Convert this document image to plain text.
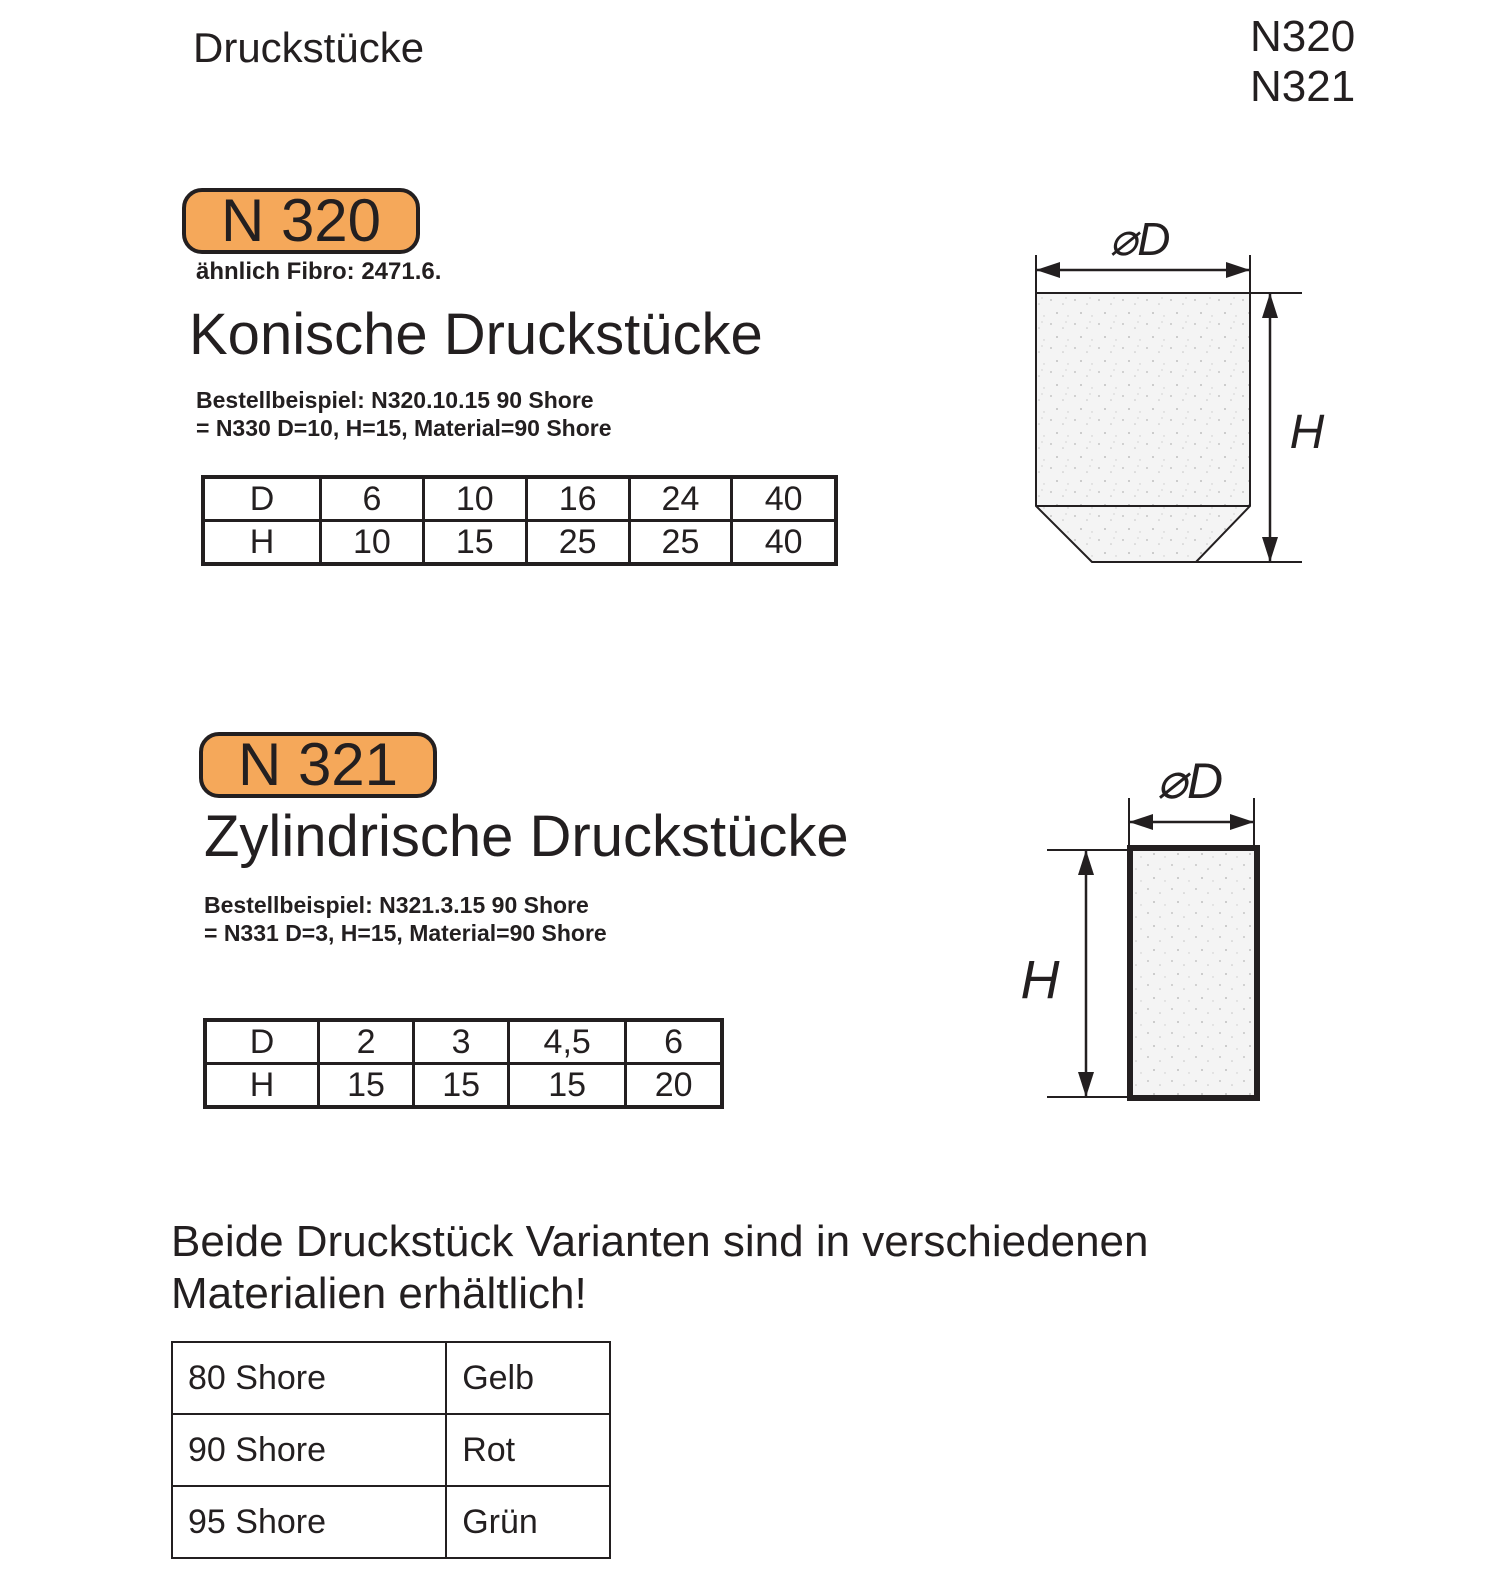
Druckstücke	N320
N321
N 320
ähnlich Fibro: 2471.6.
Konische Druckstücke
Bestellbeispiel: N320.10.15 90 Shore
= N330 D=10, H=15, Material=90 Shore
D	6	10	16	24	40
H	10	15	25	25	40
⌀D
H
N 321
Zylindrische Druckstücke
Bestellbeispiel: N321.3.15 90 Shore
= N331 D=3, H=15, Material=90 Shore
D	2	3	4,5	6
H	15	15	15	20
⌀D
H
Beide Druckstück Varianten sind in verschiedenen
Materialien erhältlich!
80 Shore	Gelb
90 Shore	Rot
95 Shore	Grün
